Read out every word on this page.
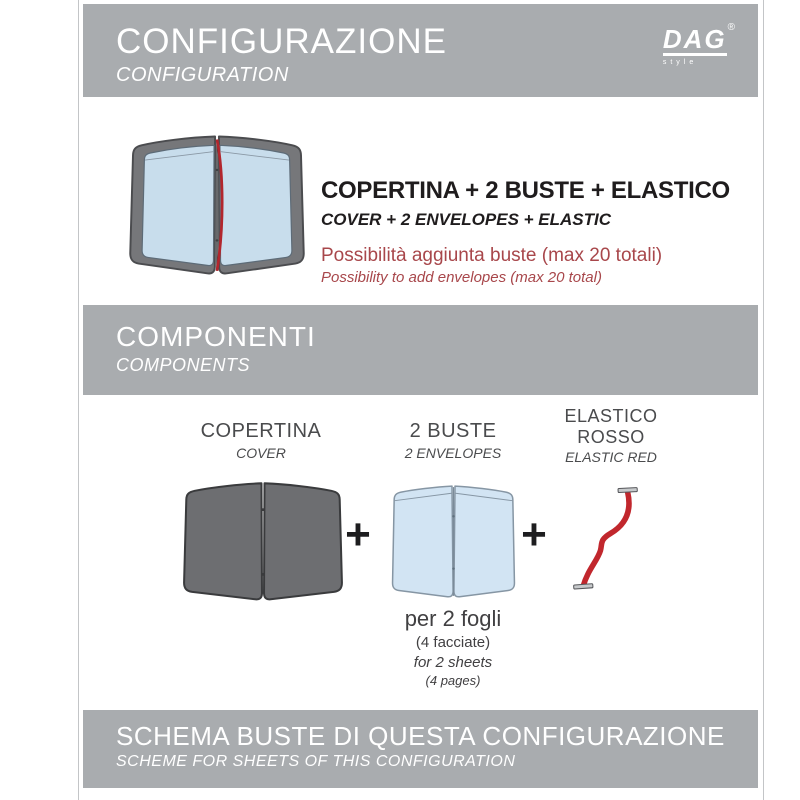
CONFIGURAZIONE
CONFIGURATION
DAG®
style
COPERTINA + 2 BUSTE + ELASTICO
COVER + 2 ENVELOPES + ELASTIC
Possibilità aggiunta buste (max 20 totali)
Possibility to add envelopes (max 20 total)
COMPONENTI
COMPONENTS
COPERTINA
COVER
2 BUSTE
2 ENVELOPES
ELASTICO
ROSSO
ELASTIC RED
+	+
per 2 fogli
(4 facciate)
for 2 sheets
(4 pages)
SCHEMA BUSTE DI QUESTA CONFIGURAZIONE
SCHEME FOR SHEETS OF THIS CONFIGURATION
